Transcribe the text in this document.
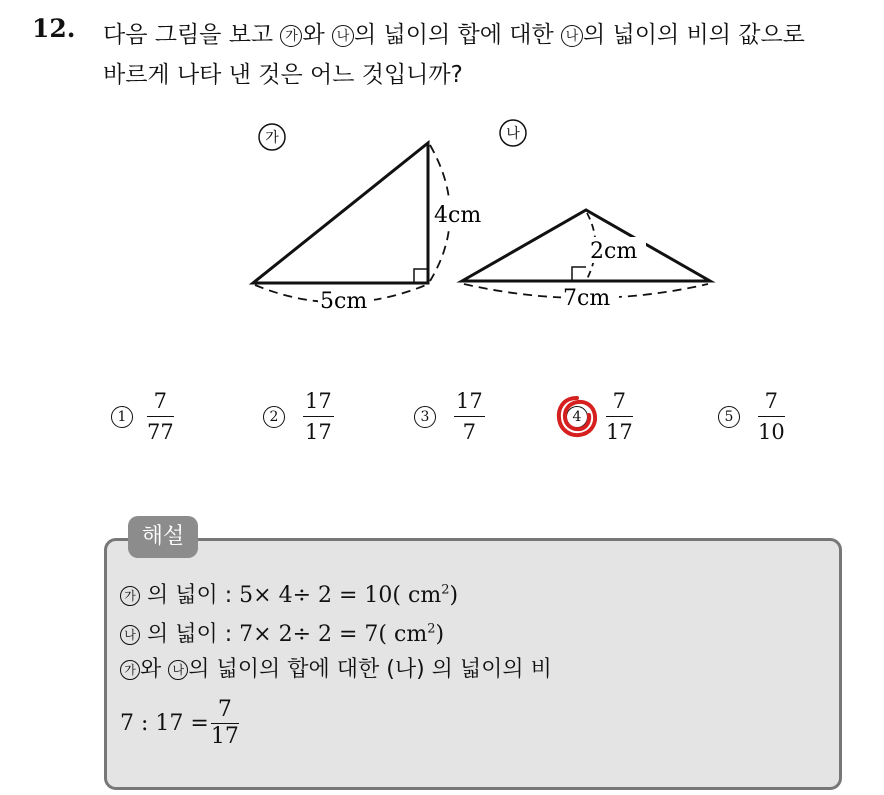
12. 다음 그림을 보고 가 와 나 의 넓이의 합에 대한 나 의 넓이의 비의 값으로
바르게 나타 낸 것은 어느 것입니까?
가	나
4cm
5cm
2cm
7cm
1
7
77
2
17
17
3
17
7
4
7
17
5
7
10
해설
가 의 넓이 : 5× 4÷ 2 = 10( $cm^2$)
나 의 넓이 : 7× 2÷ 2 = 7( $cm^2$)
가 와 나 의 넓이의 합에 대한 (나) 의 넓이의 비
7 : $17 = \frac{7}{17}$
